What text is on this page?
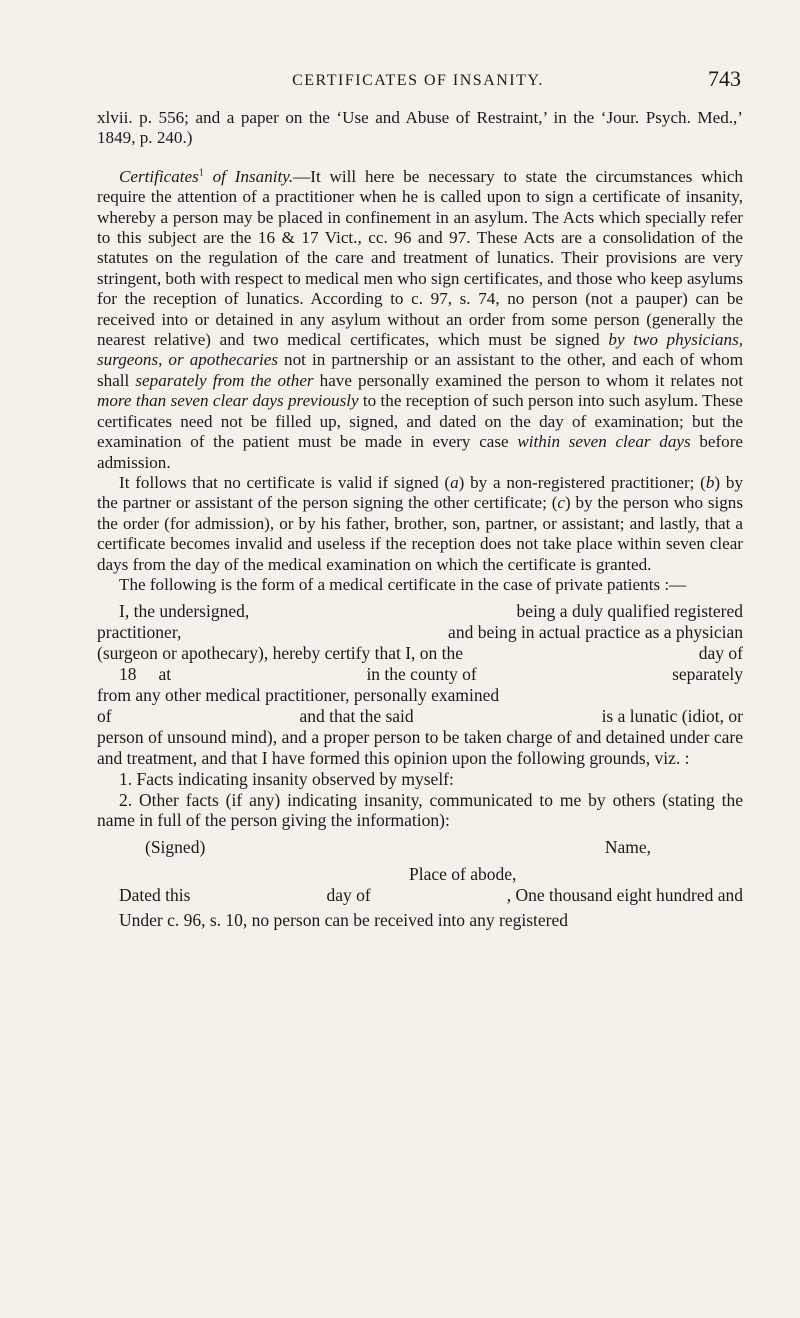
CERTIFICATES OF INSANITY.	743

xlvii. p. 556; and a paper on the ‘Use and Abuse of Restraint,’ in the ‘Jour. Psych. Med.,’ 1849, p. 240.)

Certificates$^1$ of Insanity.—It will here be necessary to state the circumstances which require the attention of a practitioner when he is called upon to sign a certificate of insanity, whereby a person may be placed in confinement in an asylum. The Acts which specially refer to this subject are the 16 & 17 Vict., cc. 96 and 97. These Acts are a consolidation of the statutes on the regulation of the care and treatment of lunatics. Their provisions are very stringent, both with respect to medical men who sign certificates, and those who keep asylums for the reception of lunatics. According to c. 97, s. 74, no person (not a pauper) can be received into or detained in any asylum without an order from some person (generally the nearest relative) and two medical certificates, which must be signed by two physicians, surgeons, or apothecaries not in partnership or an assistant to the other, and each of whom shall separately from the other have personally examined the person to whom it relates not more than seven clear days previously to the reception of such person into such asylum. These certificates need not be filled up, signed, and dated on the day of examination; but the examination of the patient must be made in every case within seven clear days before admission.

It follows that no certificate is valid if signed (a) by a non-registered practitioner; (b) by the partner or assistant of the person signing the other certificate; (c) by the person who signs the order (for admission), or by his father, brother, son, partner, or assistant; and lastly, that a certificate becomes invalid and useless if the reception does not take place within seven clear days from the day of the medical examination on which the certificate is granted.

The following is the form of a medical certificate in the case of private patients :—

I, the undersigned,	being a duly qualified registered
practitioner,	and being in actual practice as a physician
(surgeon or apothecary), hereby certify that I, on the	day of
18 at	in the county of	separately
from any other medical practitioner, personally examined
of	and that the said	is a lunatic (idiot, or

person of unsound mind), and a proper person to be taken charge of and detained under care and treatment, and that I have formed this opinion upon the following grounds, viz. :

1. Facts indicating insanity observed by myself:

2. Other facts (if any) indicating insanity, communicated to me by others (stating the name in full of the person giving the information):

(Signed)	Name,
Place of abode,
Dated this	day of	, One thousand eight hundred and
Under c. 96, s. 10, no person can be received into any registered
